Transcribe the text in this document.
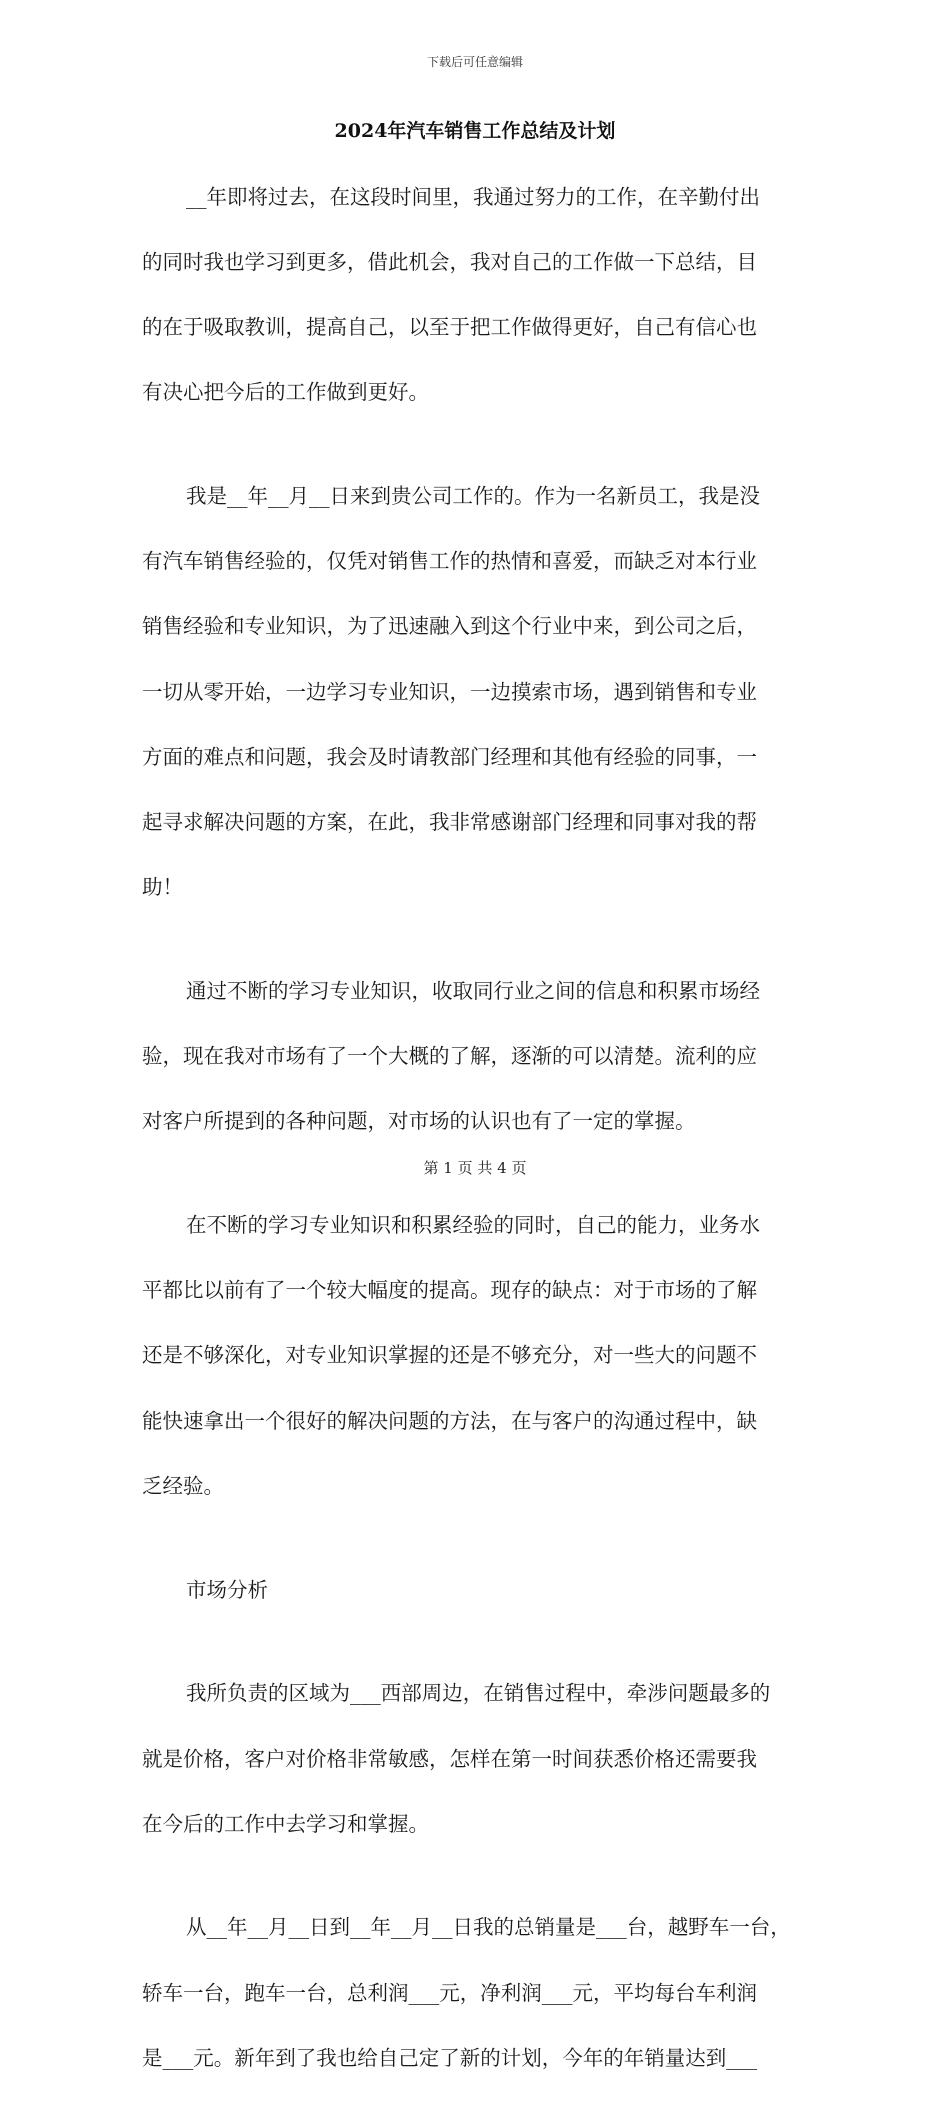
下载后可任意编辑
2024年汽车销售工作总结及计划

__年即将过去，在这段时间里，我通过努力的工作，在辛勤付出

的同时我也学习到更多，借此机会，我对自己的工作做一下总结，目

的在于吸取教训，提高自己，以至于把工作做得更好，自己有信心也

有决心把今后的工作做到更好。

我是__年__月__日来到贵公司工作的。作为一名新员工，我是没

有汽车销售经验的，仅凭对销售工作的热情和喜爱，而缺乏对本行业

销售经验和专业知识，为了迅速融入到这个行业中来，到公司之后，

一切从零开始，一边学习专业知识，一边摸索市场，遇到销售和专业

方面的难点和问题，我会及时请教部门经理和其他有经验的同事，一

起寻求解决问题的方案，在此，我非常感谢部门经理和同事对我的帮

助！

通过不断的学习专业知识，收取同行业之间的信息和积累市场经

验，现在我对市场有了一个大概的了解，逐渐的可以清楚。流利的应

对客户所提到的各种问题，对市场的认识也有了一定的掌握。

在不断的学习专业知识和积累经验的同时，自己的能力，业务水

平都比以前有了一个较大幅度的提高。现存的缺点：对于市场的了解

还是不够深化，对专业知识掌握的还是不够充分，对一些大的问题不

能快速拿出一个很好的解决问题的方法，在与客户的沟通过程中，缺

乏经验。

市场分析

我所负责的区域为___西部周边，在销售过程中，牵涉问题最多的

就是价格，客户对价格非常敏感，怎样在第一时间获悉价格还需要我

在今后的工作中去学习和掌握。

从__年__月__日到__年__月__日我的总销量是___台，越野车一台，

轿车一台，跑车一台，总利润___元，净利润___元，平均每台车利润

是___元。新年到了我也给自己定了新的计划，今年的年销量达到___

第 1 页 共 4 页
